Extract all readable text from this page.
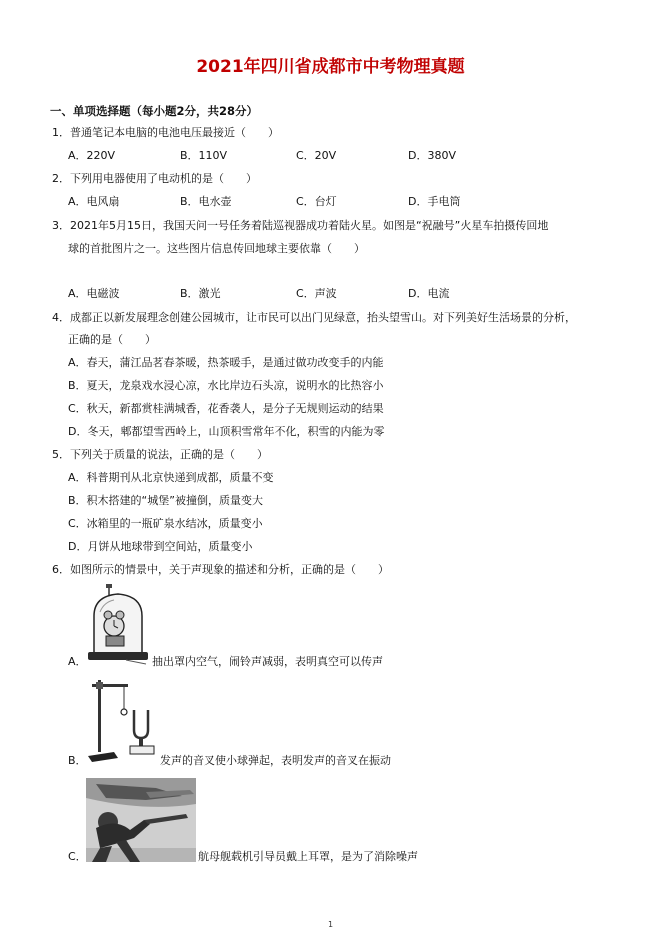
2021年四川省成都市中考物理真题
一、单项选择题（每小题2分，共28分）
1．普通笔记本电脑的电池电压最接近（　　）
A．220V	B．110V	C．20V	D．380V
2．下列用电器使用了电动机的是（　　）
A．电风扇	B．电水壶	C．台灯	D．手电筒
3．2021年5月15日，我国天问一号任务着陆巡视器成功着陆火星。如图是“祝融号”火星车拍摄传回地
球的首批图片之一。这些图片信息传回地球主要依靠（　　）
A．电磁波	B．激光	C．声波	D．电流
4．成都正以新发展理念创建公园城市，让市民可以出门见绿意，抬头望雪山。对下列美好生活场景的分析，
正确的是（　　）
A．春天，蒲江品茗春茶暖，热茶暖手，是通过做功改变手的内能
B．夏天，龙泉戏水浸心凉，水比岸边石头凉，说明水的比热容小
C．秋天，新都赏桂满城香，花香袭人，是分子无规则运动的结果
D．冬天，郫都望雪西岭上，山顶积雪常年不化，积雪的内能为零
5．下列关于质量的说法，正确的是（　　）
A．科普期刊从北京快递到成都，质量不变
B．积木搭建的“城堡”被撞倒，质量变大
C．冰箱里的一瓶矿泉水结冰，质量变小
D．月饼从地球带到空间站，质量变小
6．如图所示的情景中，关于声现象的描述和分析，正确的是（　　）
A．	抽出罩内空气，闹铃声减弱，表明真空可以传声
B．	发声的音叉使小球弹起，表明发声的音叉在振动
C．	航母舰载机引导员戴上耳罩，是为了消除噪声
1
